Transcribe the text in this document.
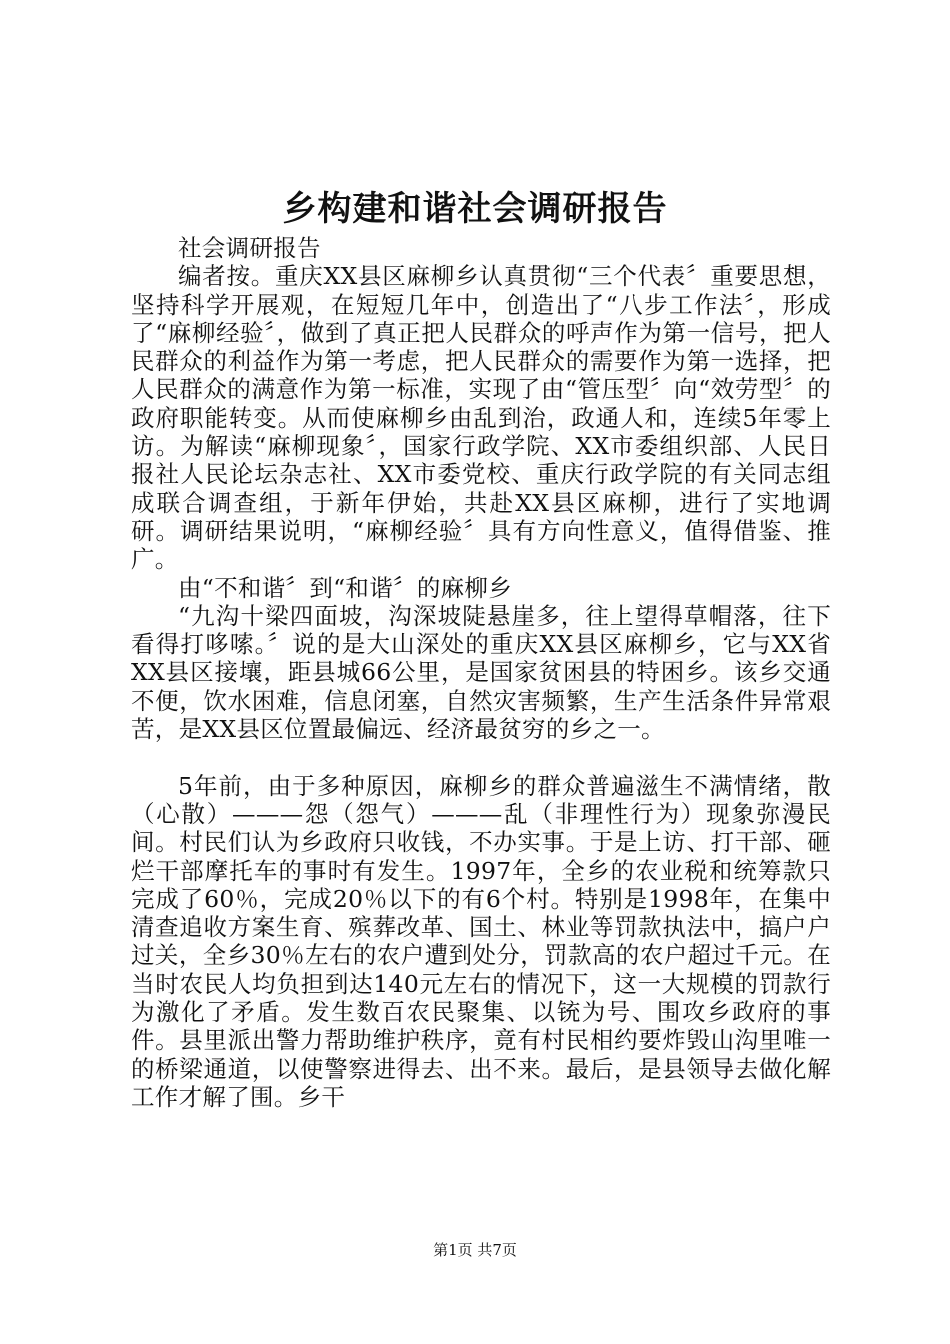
乡构建和谐社会调研报告

社会调研报告

编者按。重庆XX县区麻柳乡认真贯彻“三个代表〞重要思想，坚持科学开展观，在短短几年中，创造出了“八步工作法〞，形成了“麻柳经验〞，做到了真正把人民群众的呼声作为第一信号，把人民群众的利益作为第一考虑，把人民群众的需要作为第一选择，把人民群众的满意作为第一标准，实现了由“管压型〞向“效劳型〞的政府职能转变。从而使麻柳乡由乱到治，政通人和，连续5年零上访。为解读“麻柳现象〞，国家行政学院、XX市委组织部、人民日报社人民论坛杂志社、XX市委党校、重庆行政学院的有关同志组成联合调查组，于新年伊始，共赴XX县区麻柳，进行了实地调研。调研结果说明，“麻柳经验〞具有方向性意义，值得借鉴、推广。

由“不和谐〞到“和谐〞的麻柳乡

“九沟十梁四面坡，沟深坡陡悬崖多，往上望得草帽落，往下看得打哆嗦。〞说的是大山深处的重庆XX县区麻柳乡，它与XX省XX县区接壤，距县城66公里，是国家贫困县的特困乡。该乡交通不便，饮水困难，信息闭塞，自然灾害频繁，生产生活条件异常艰苦，是XX县区位置最偏远、经济最贫穷的乡之一。

5年前，由于多种原因，麻柳乡的群众普遍滋生不满情绪，散（心散）———怨（怨气）———乱（非理性行为）现象弥漫民间。村民们认为乡政府只收钱，不办实事。于是上访、打干部、砸烂干部摩托车的事时有发生。1997年，全乡的农业税和统筹款只完成了60％，完成20％以下的有6个村。特别是1998年，在集中清查追收方案生育、殡葬改革、国土、林业等罚款执法中，搞户户过关，全乡30％左右的农户遭到处分，罚款高的农户超过千元。在当时农民人均负担到达140元左右的情况下，这一大规模的罚款行为激化了矛盾。发生数百农民聚集、以铳为号、围攻乡政府的事件。县里派出警力帮助维护秩序，竟有村民相约要炸毁山沟里唯一的桥梁通道，以使警察进得去、出不来。最后，是县领导去做化解工作才解了围。乡干

第1页 共7页
